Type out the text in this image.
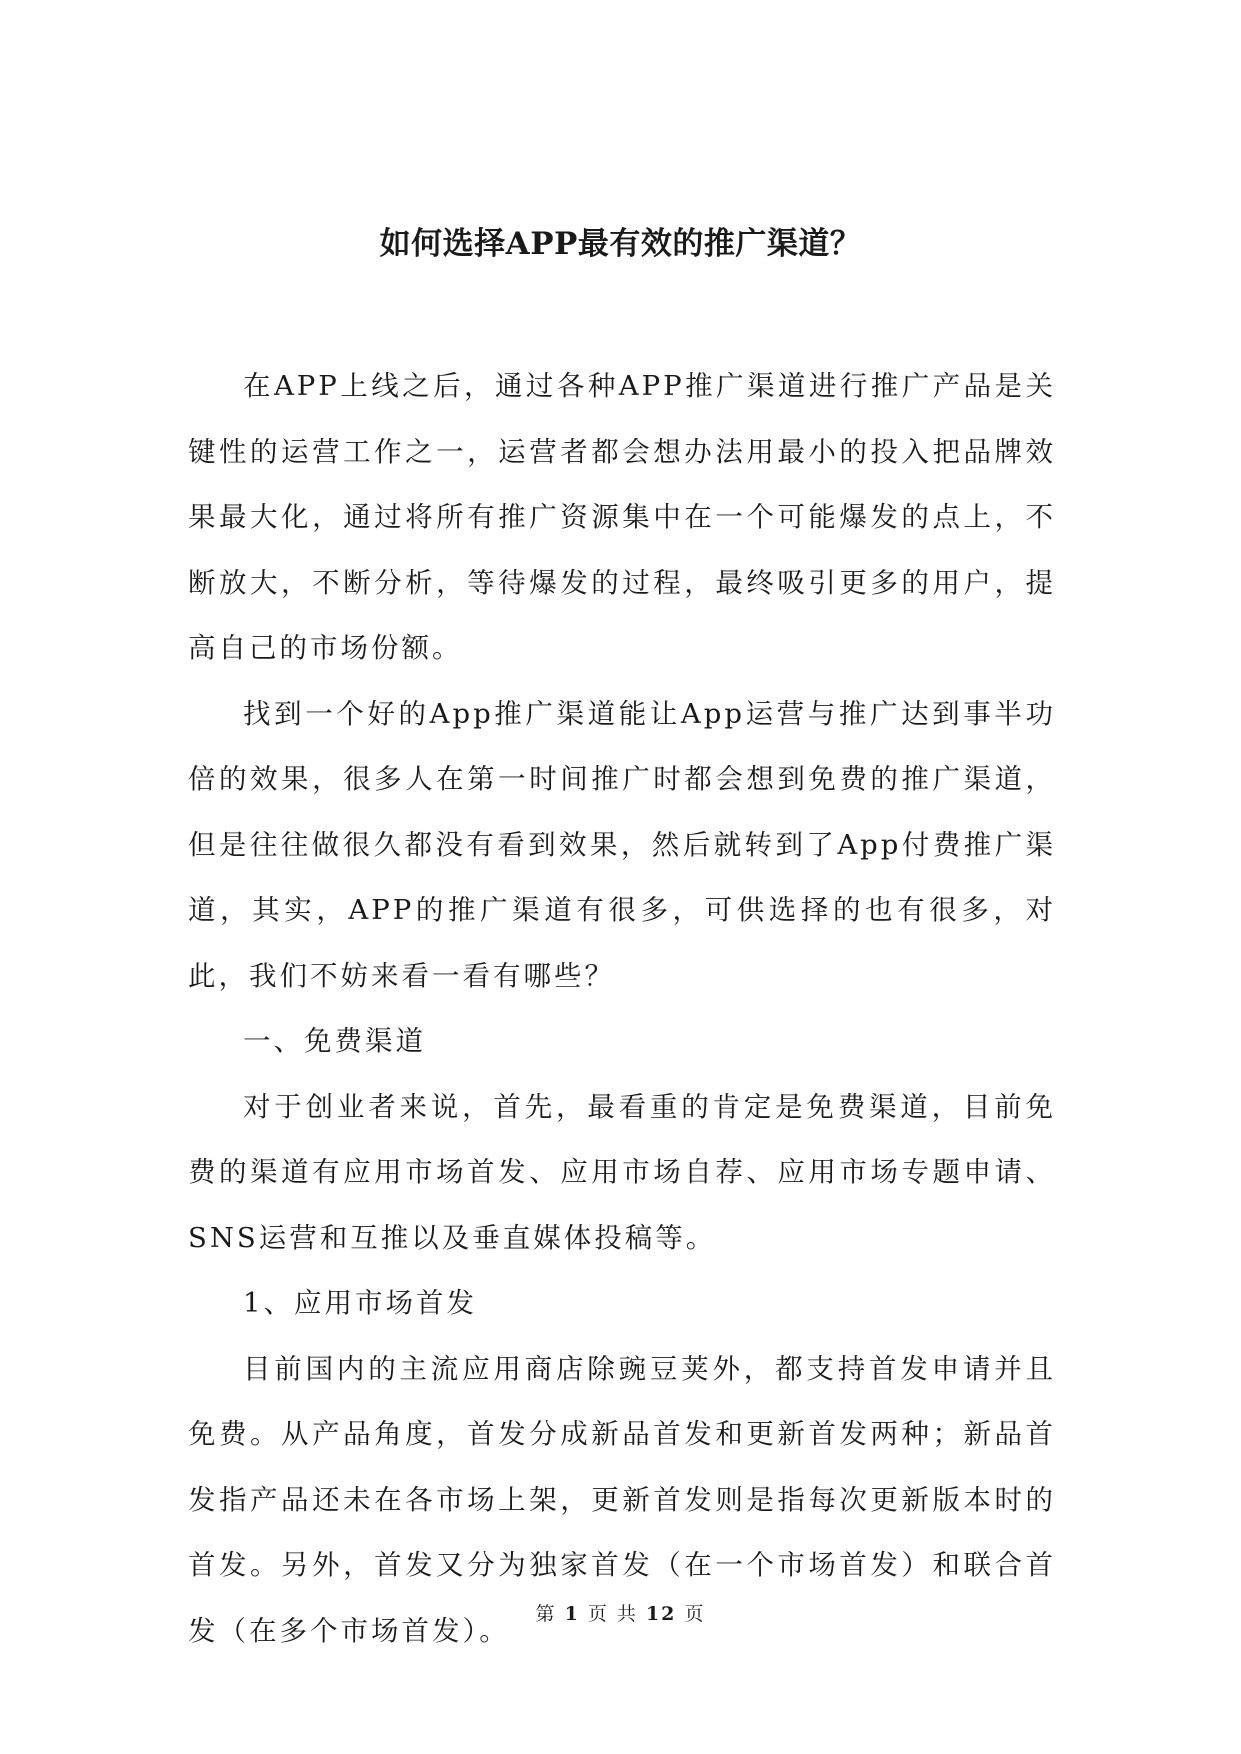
如何选择APP最有效的推广渠道？

在APP上线之后，通过各种APP推广渠道进行推广产品是关键性的运营工作之一，运营者都会想办法用最小的投入把品牌效果最大化，通过将所有推广资源集中在一个可能爆发的点上，不断放大，不断分析，等待爆发的过程，最终吸引更多的用户，提高自己的市场份额。

找到一个好的App推广渠道能让App运营与推广达到事半功倍的效果，很多人在第一时间推广时都会想到免费的推广渠道，但是往往做很久都没有看到效果，然后就转到了App付费推广渠道，其实，APP的推广渠道有很多，可供选择的也有很多，对此，我们不妨来看一看有哪些？

一、免费渠道

对于创业者来说，首先，最看重的肯定是免费渠道，目前免费的渠道有应用市场首发、应用市场自荐、应用市场专题申请、SNS运营和互推以及垂直媒体投稿等。

1、应用市场首发

目前国内的主流应用商店除豌豆荚外，都支持首发申请并且免费。从产品角度，首发分成新品首发和更新首发两种；新品首发指产品还未在各市场上架，更新首发则是指每次更新版本时的首发。另外，首发又分为独家首发（在一个市场首发）和联合首发（在多个市场首发）。

第 1 页 共 12 页
